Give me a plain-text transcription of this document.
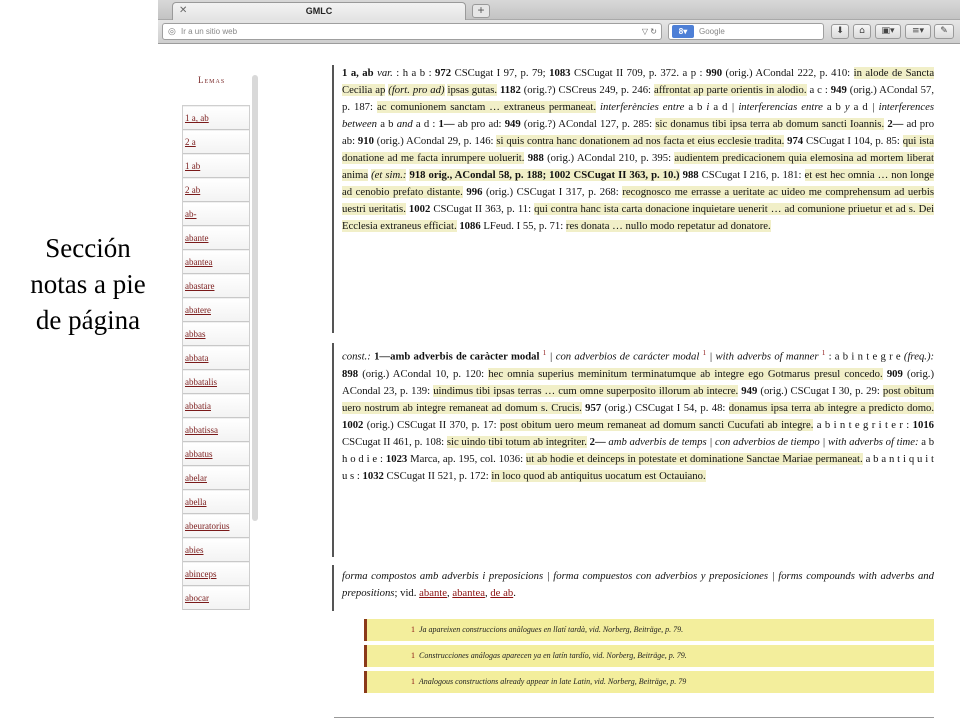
Sección notas a pie de página
✕	GMLC	+
◎ Ir a un sitio web	▽ ↻	8▾	Google	⬇	⌂	▣▾	≡▾	✎
Lemas
1 a, ab
2 a
1 ab
2 ab
ab-
abante
abantea
abastare
abatere
abbas
abbata
abbatalis
abbatia
abbatissa
abbatus
abelar
abella
abeuratorius
abies
abinceps
abocar

1 a, ab var. : h a b : 972 CSCugat I 97, p. 79; 1083 CSCugat II 709, p. 372. a p : 990 (orig.) ACondal 222, p. 410: in alode de Sancta Cecilia ap (fort. pro ad) ipsas gutas. 1182 (orig.?) CSCreus 249, p. 246: affrontat ap parte orientis in alodio. a c : 949 (orig.) ACondal 57, p. 187: ac comunionem sanctam … extraneus permaneat. interferències entre a b i a d | interferencias entre a b y a d | interferences between a b and a d : 1— ab pro ad: 949 (orig.?) ACondal 127, p. 285: sic donamus tibi ipsa terra ab domum sancti Ioannis. 2— ad pro ab: 910 (orig.) ACondal 29, p. 146: si quis contra hanc donationem ad nos facta et eius ecclesie tradita. 974 CSCugat I 104, p. 85: qui ista donatione ad me facta inrumpere uoluerit. 988 (orig.) ACondal 210, p. 395: audientem predicacionem quia elemosina ad mortem liberat anima (et sim.: 918 orig., ACondal 58, p. 188; 1002 CSCugat II 363, p. 10.) 988 CSCugat I 216, p. 181: et est hec omnia … non longe ad cenobio prefato distante. 996 (orig.) CSCugat I 317, p. 268: recognosco me errasse a ueritate ac uideo me comprehensum ad uerbis uestri ueritatis. 1002 CSCugat II 363, p. 11: qui contra hanc ista carta donacione inquietare uenerit … ad comunione priuetur et ad s. Dei Ecclesia extraneus efficiat. 1086 LFeud. I 55, p. 71: res donata … nullo modo repetatur ad donatore.

const.: 1—amb adverbis de caràcter modal $^1$ | con adverbios de carácter modal $^1$ | with adverbs of manner $^1$ : a b i n t e g r e (freq.): 898 (orig.) ACondal 10, p. 120: hec omnia superius meminitum terminatumque ab integre ego Gotmarus presul concedo. 909 (orig.) ACondal 23, p. 139: uindimus tibi ipsas terras … cum omne superposito illorum ab intecre. 949 (orig.) CSCugat I 30, p. 29: post obitum uero nostrum ab integre remaneat ad domum s. Crucis. 957 (orig.) CSCugat I 54, p. 48: donamus ipsa terra ab integre a predicto domo. 1002 (orig.) CSCugat II 370, p. 17: post obitum uero meum remaneat ad domum sancti Cucufati ab integre. a b i n t e g r i t e r : 1016 CSCugat II 461, p. 108: sic uindo tibi totum ab integriter. 2— amb adverbis de temps | con adverbios de tiempo | with adverbs of time: a b h o d i e : 1023 Marca, ap. 195, col. 1036: ut ab hodie et deinceps in potestate et dominatione Sanctae Mariae permaneat. a b a n t i q u i t u s : 1032 CSCugat II 521, p. 172: in loco quod ab antiquitus uocatum est Octauiano.

forma compostos amb adverbis i preposicions | forma compuestos con adverbios y preposiciones | forms compounds with adverbs and prepositions; vid. abante, abantea, de ab.

1 Ja apareixen construccions anàlogues en llatí tardà, vid. Norberg, Beiträge, p. 79.
1 Construcciones análogas aparecen ya en latín tardío, vid. Norberg, Beiträge, p. 79.
1 Analogous constructions already appear in late Latin, vid. Norberg, Beiträge, p. 79
